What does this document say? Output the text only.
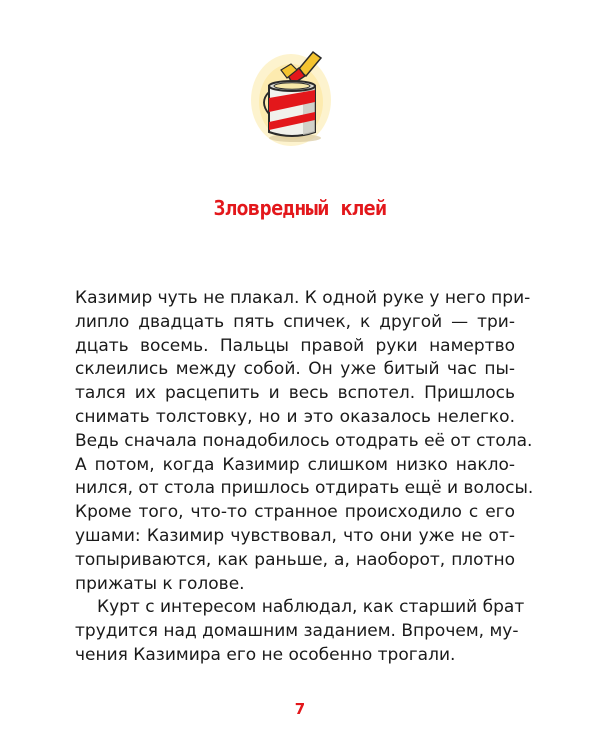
Зловредный клей
Казимир чуть не плакал. К одной руке у него при-
липло двадцать пять спичек, к другой — три-
дцать восемь. Пальцы правой руки намертво
склеились между собой. Он уже битый час пы-
тался их расцепить и весь вспотел. Пришлось
снимать толстовку, но и это оказалось нелегко.
Ведь сначала понадобилось отодрать её от стола.
А потом, когда Казимир слишком низко накло-
нился, от стола пришлось отдирать ещё и волосы.
Кроме того, что-то странное происходило с его
ушами: Казимир чувствовал, что они уже не от-
топыриваются, как раньше, а, наоборот, плотно
прижаты к голове.
Курт с интересом наблюдал, как старший брат
трудится над домашним заданием. Впрочем, му-
чения Казимира его не особенно трогали.
7
